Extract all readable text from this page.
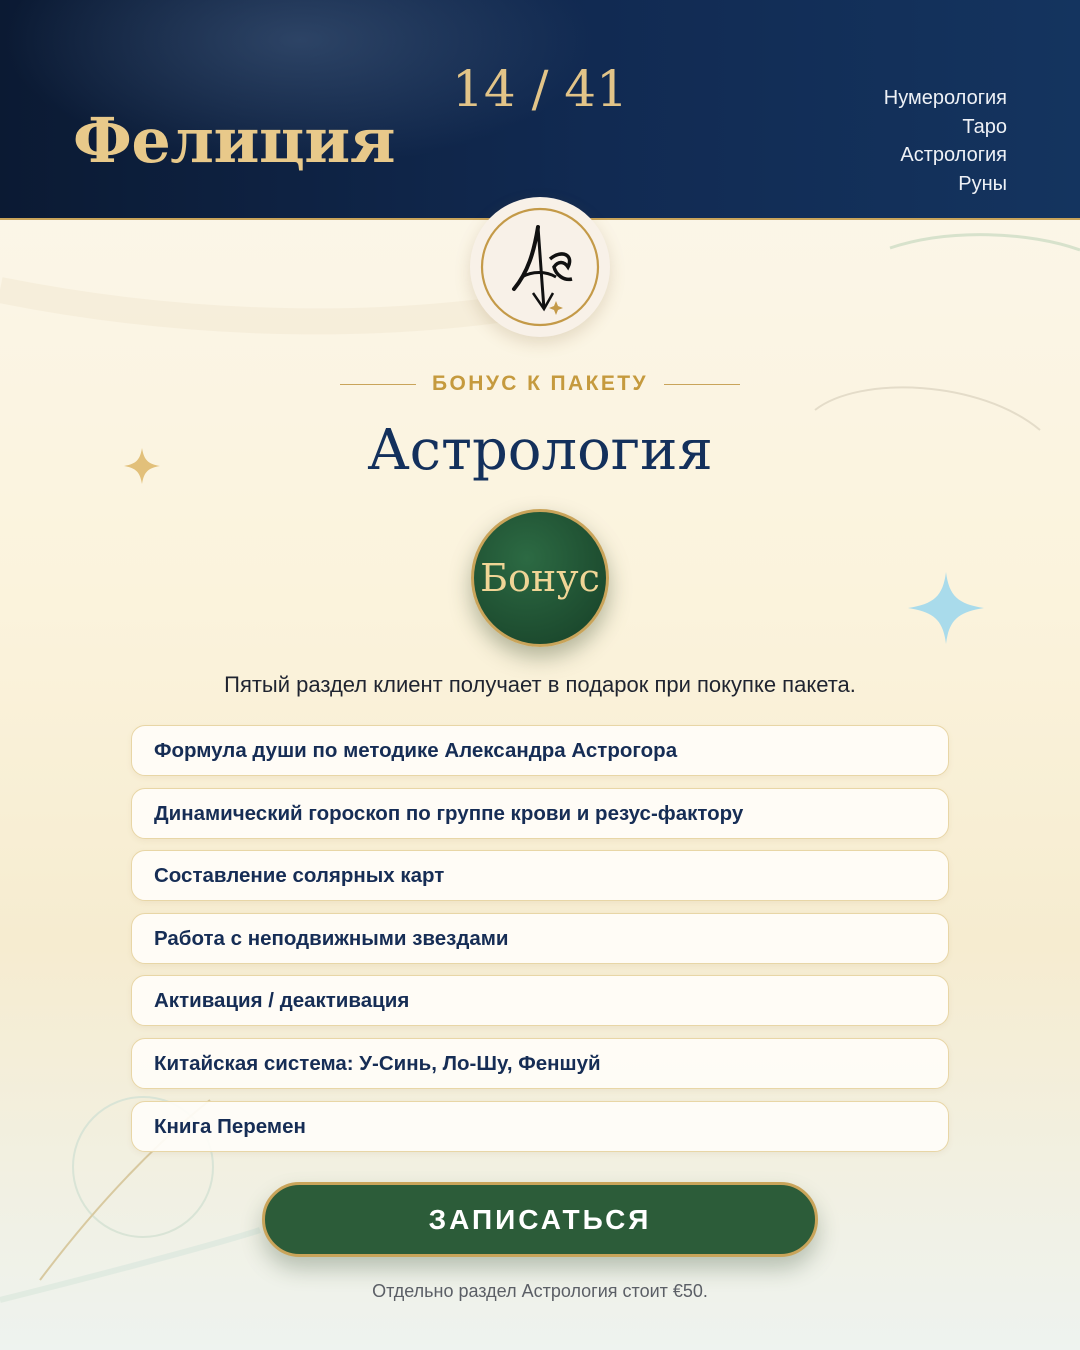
Фелиция
14 / 41	Нумерология
Таро
Астрология
Руны
БОНУС К ПАКЕТУ
Астрология
Бонус

Пятый раздел клиент получает в подарок при покупке пакета.

Формула души по методике Александра Астрогора
Динамический гороскоп по группе крови и резус-фактору
Составление солярных карт
Работа с неподвижными звездами
Активация / деактивация
Китайская система: У-Синь, Ло-Шу, Феншуй
Книга Перемен
ЗАПИСАТЬСЯ

Отдельно раздел Астрология стоит €50.
